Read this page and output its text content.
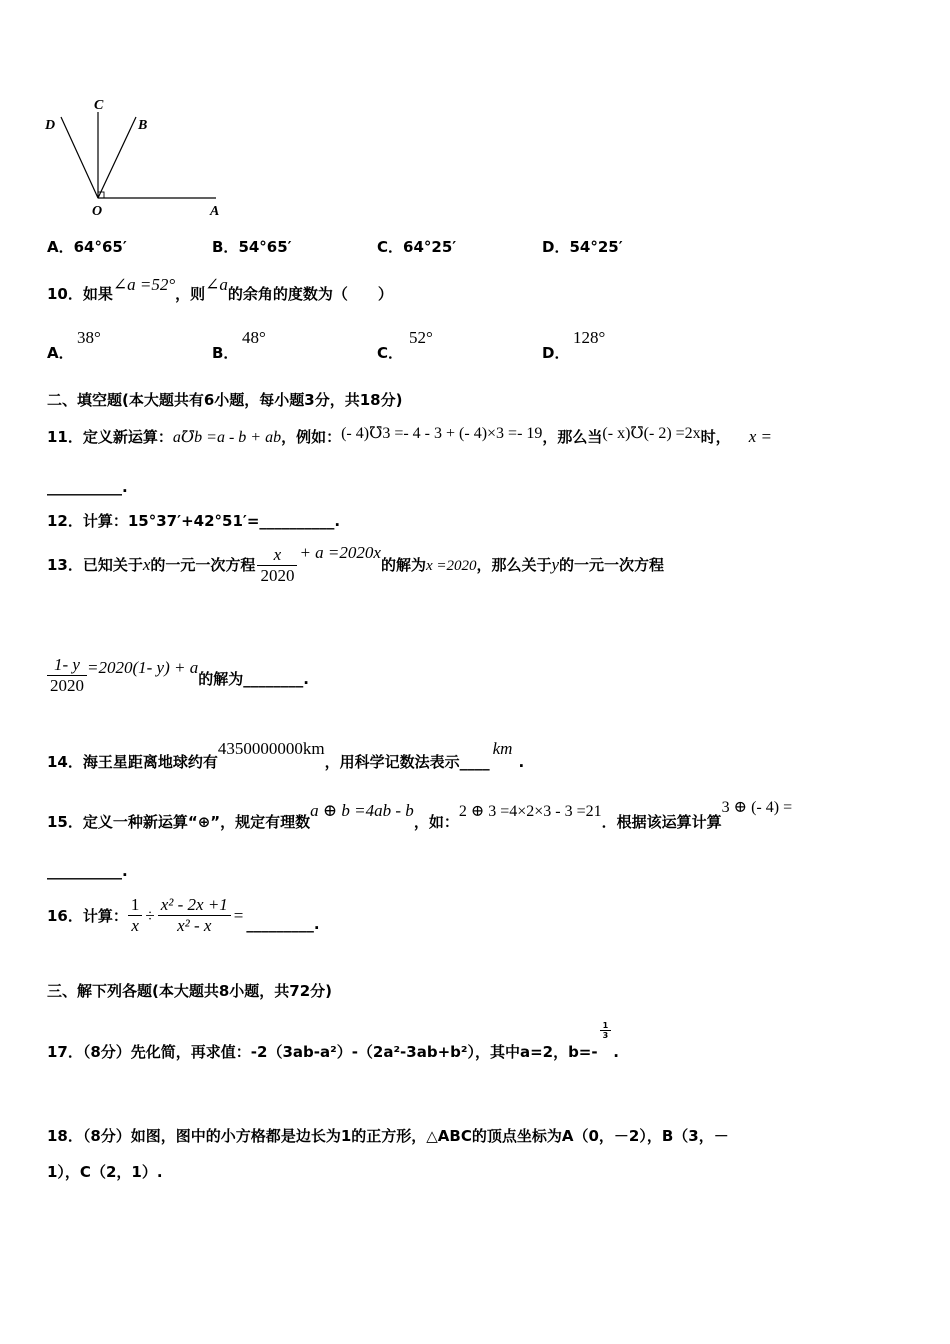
C
D	B
O	A
A．64°65′	B．54°65′	C．64°25′	D．54°25′
10．如果∠a =52°，则∠a的余角的度数为（　　）
A．
38°
B．
48°
C．
52°
D．
128°
二、填空题(本大题共有6小题，每小题3分，共18分)
11．定义新运算：a℧b =a - b + ab，例如：(- 4)℧3 =- 4 - 3 + (- 4)×3 =- 19，那么当(- x)℧(- 2) =2x时， x =
__________.
12．计算：15°37′+42°51′=__________.
13．已知关于x的一元一次方程 $\frac{x}{2020} + a =2020x$的解为x =2020，那么关于y的一元一次方程
$\frac{1- y}{2020} =2020(1-$ y) + a的解为________.
14．海王星距离地球约有4350000000km，用科学记数法表示____km.
15．定义一种新运算“⊕”，规定有理数a ⊕ b =4ab - b，如：2 ⊕ 3 =4×2×3 - 3 =21．根据该运算计算3 ⊕ (- 4) =
__________.
16．计算： $\frac{1}{x} \div \frac{\text{x² - 2x +1}}{\text{x² - x}}$ = _________.
三、解下列各题(本大题共8小题，共72分)
17．（8分）先化简，再求值：-2（3ab-a²）-（2a²-3ab+b²），其中a=2，b=-
$\frac{1}{3}$
.
18．（8分）如图，图中的小方格都是边长为1的正方形，△ABC的顶点坐标为A（0，－2），B（3，－
1），C（2，1）.
